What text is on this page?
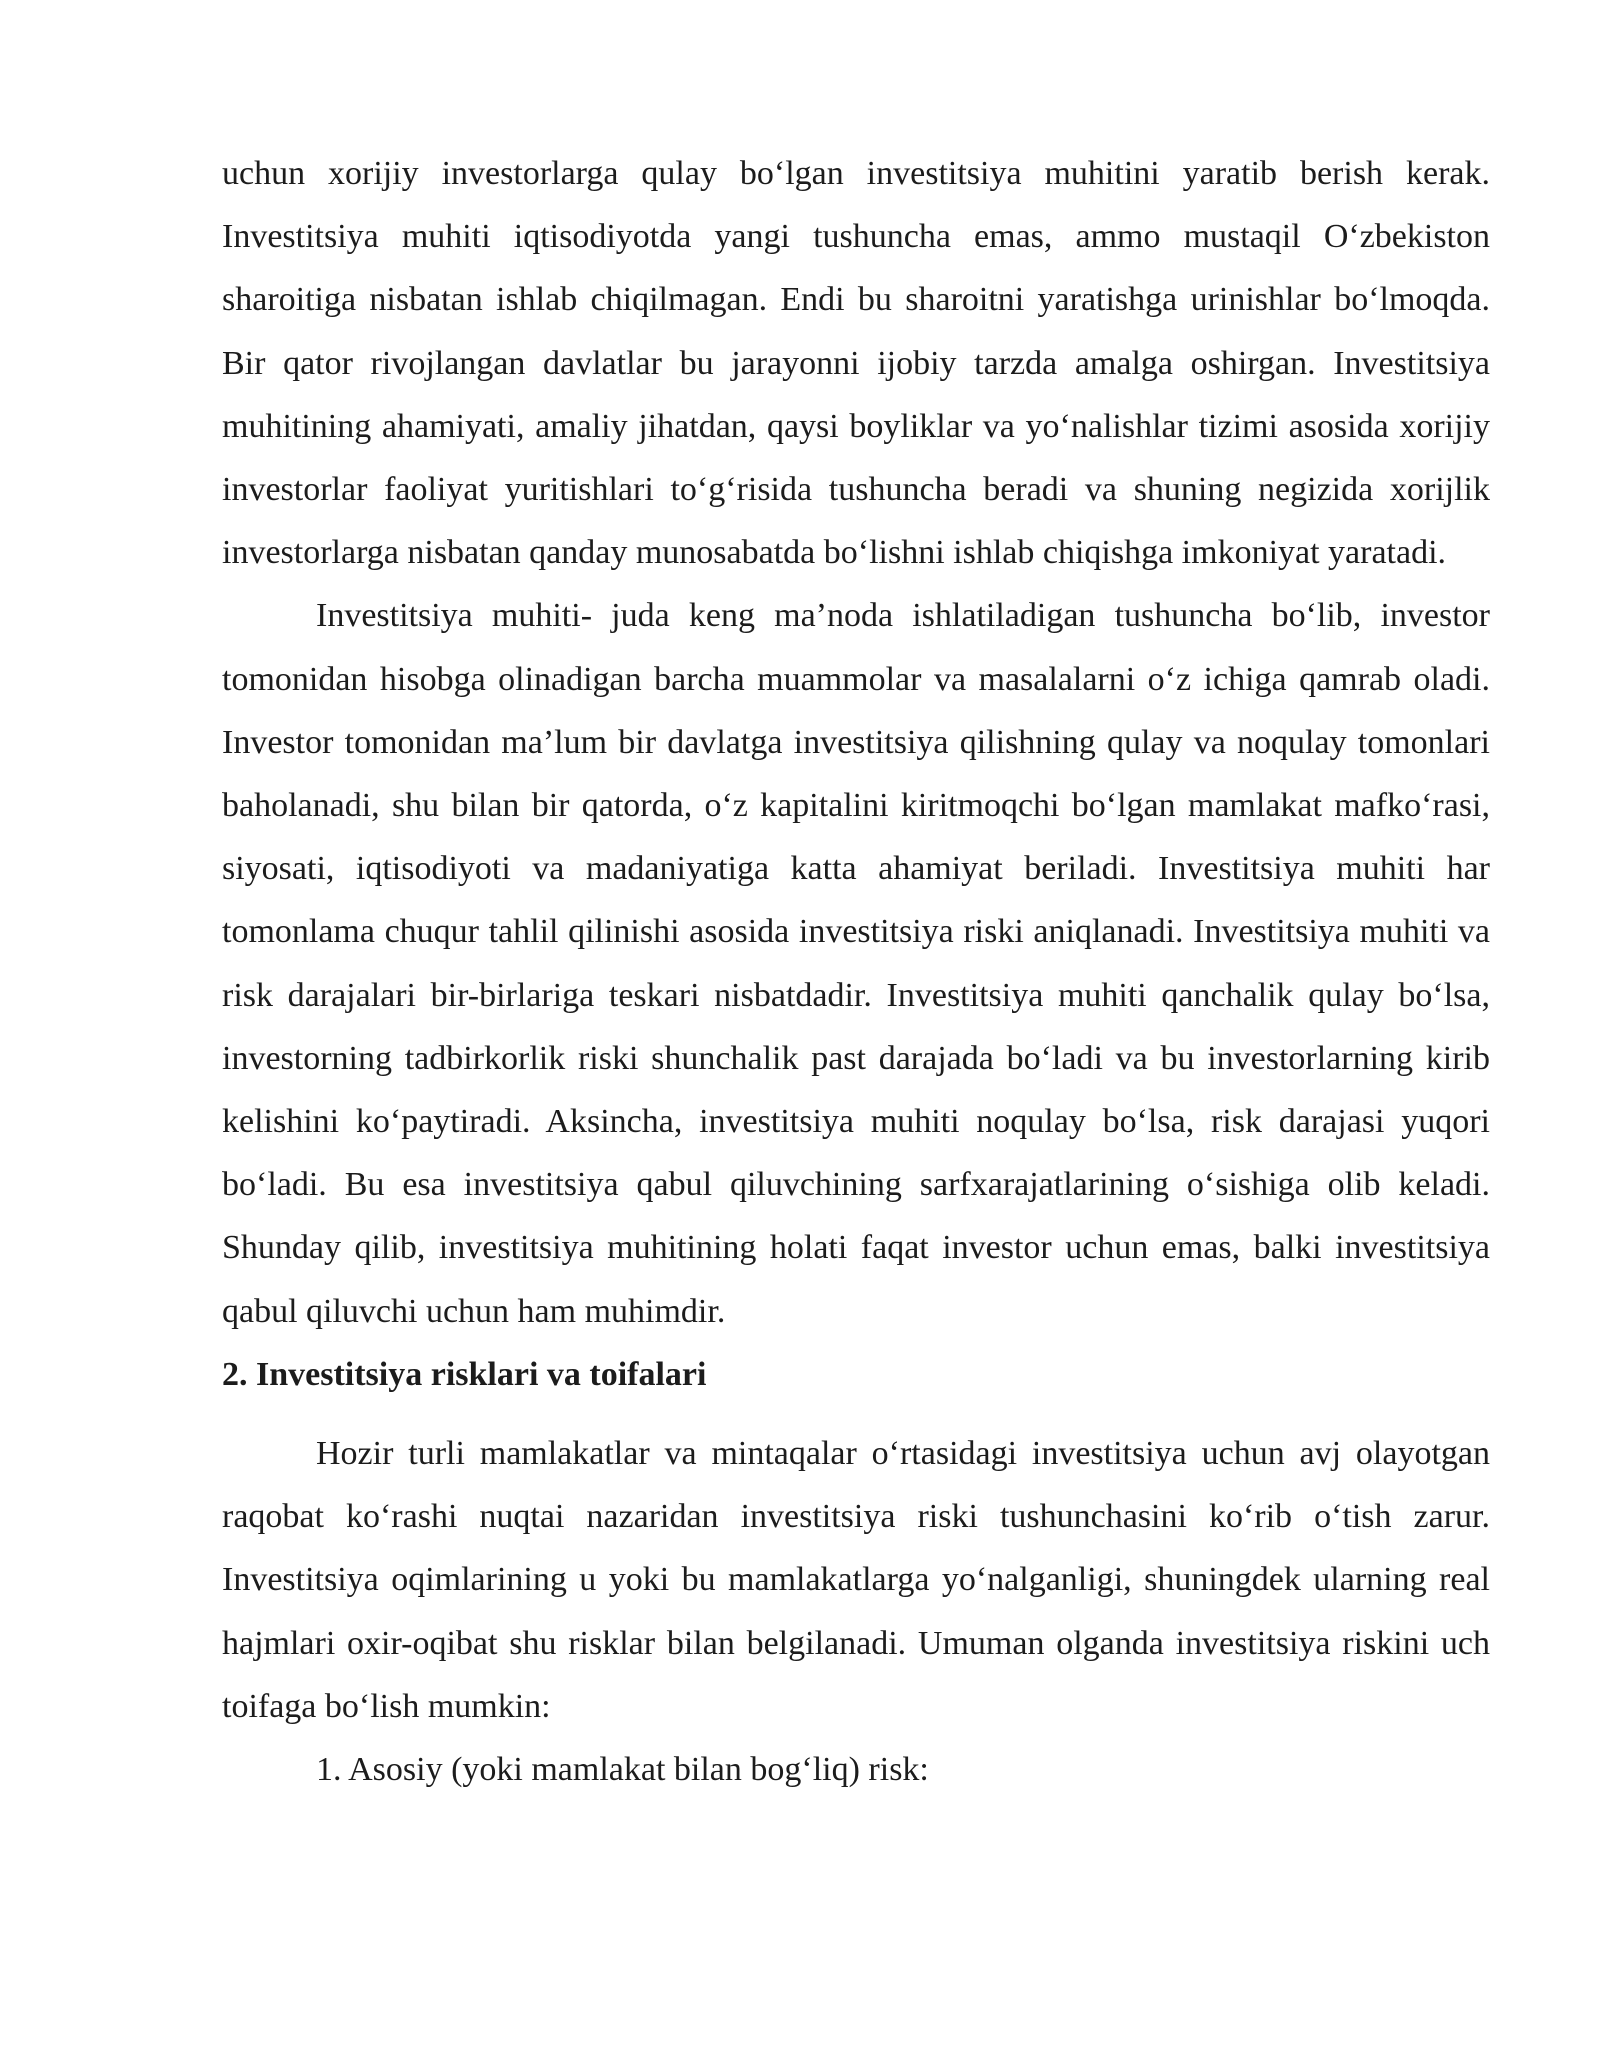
uchun xorijiy investorlarga qulay bo‘lgan investitsiya muhitini yaratib berish kerak. Investitsiya muhiti iqtisodiyotda yangi tushuncha emas, ammo mustaqil O‘zbekiston sharoitiga nisbatan ishlab chiqilmagan. Endi bu sharoitni yaratishga urinishlar bo‘lmoqda. Bir qator rivojlangan davlatlar bu jarayonni ijobiy tarzda amalga oshirgan. Investitsiya muhitining ahamiyati, amaliy jihatdan, qaysi boyliklar va yo‘nalishlar tizimi asosida xorijiy investorlar faoliyat yuritishlari to‘g‘risida tushuncha beradi va shuning negizida xorijlik investorlarga nisbatan qanday munosabatda bo‘lishni ishlab chiqishga imkoniyat yaratadi.

Investitsiya muhiti- juda keng ma’noda ishlatiladigan tushuncha bo‘lib, investor tomonidan hisobga olinadigan barcha muammolar va masalalarni o‘z ichiga qamrab oladi. Investor tomonidan ma’lum bir davlatga investitsiya qilishning qulay va noqulay tomonlari baholanadi, shu bilan bir qatorda, o‘z kapitalini kiritmoqchi bo‘lgan mamlakat mafko‘rasi, siyosati, iqtisodiyoti va madaniyatiga katta ahamiyat beriladi. Investitsiya muhiti har tomonlama chuqur tahlil qilinishi asosida investitsiya riski aniqlanadi. Investitsiya muhiti va risk darajalari bir-birlariga teskari nisbatdadir. Investitsiya muhiti qanchalik qulay bo‘lsa, investorning tadbirkorlik riski shunchalik past darajada bo‘ladi va bu investorlarning kirib kelishini ko‘paytiradi. Aksincha, investitsiya muhiti noqulay bo‘lsa, risk darajasi yuqori bo‘ladi. Bu esa investitsiya qabul qiluvchining sarfxarajatlarining o‘sishiga olib keladi. Shunday qilib, investitsiya muhitining holati faqat investor uchun emas, balki investitsiya qabul qiluvchi uchun ham muhimdir.

2. Investitsiya risklari va toifalari

Hozir turli mamlakatlar va mintaqalar o‘rtasidagi investitsiya uchun avj olayotgan raqobat ko‘rashi nuqtai nazaridan investitsiya riski tushunchasini ko‘rib o‘tish zarur. Investitsiya oqimlarining u yoki bu mamlakatlarga yo‘nalganligi, shuningdek ularning real hajmlari oxir-oqibat shu risklar bilan belgilanadi. Umuman olganda investitsiya riskini uch toifaga bo‘lish mumkin:

1. Asosiy (yoki mamlakat bilan bog‘liq) risk:
